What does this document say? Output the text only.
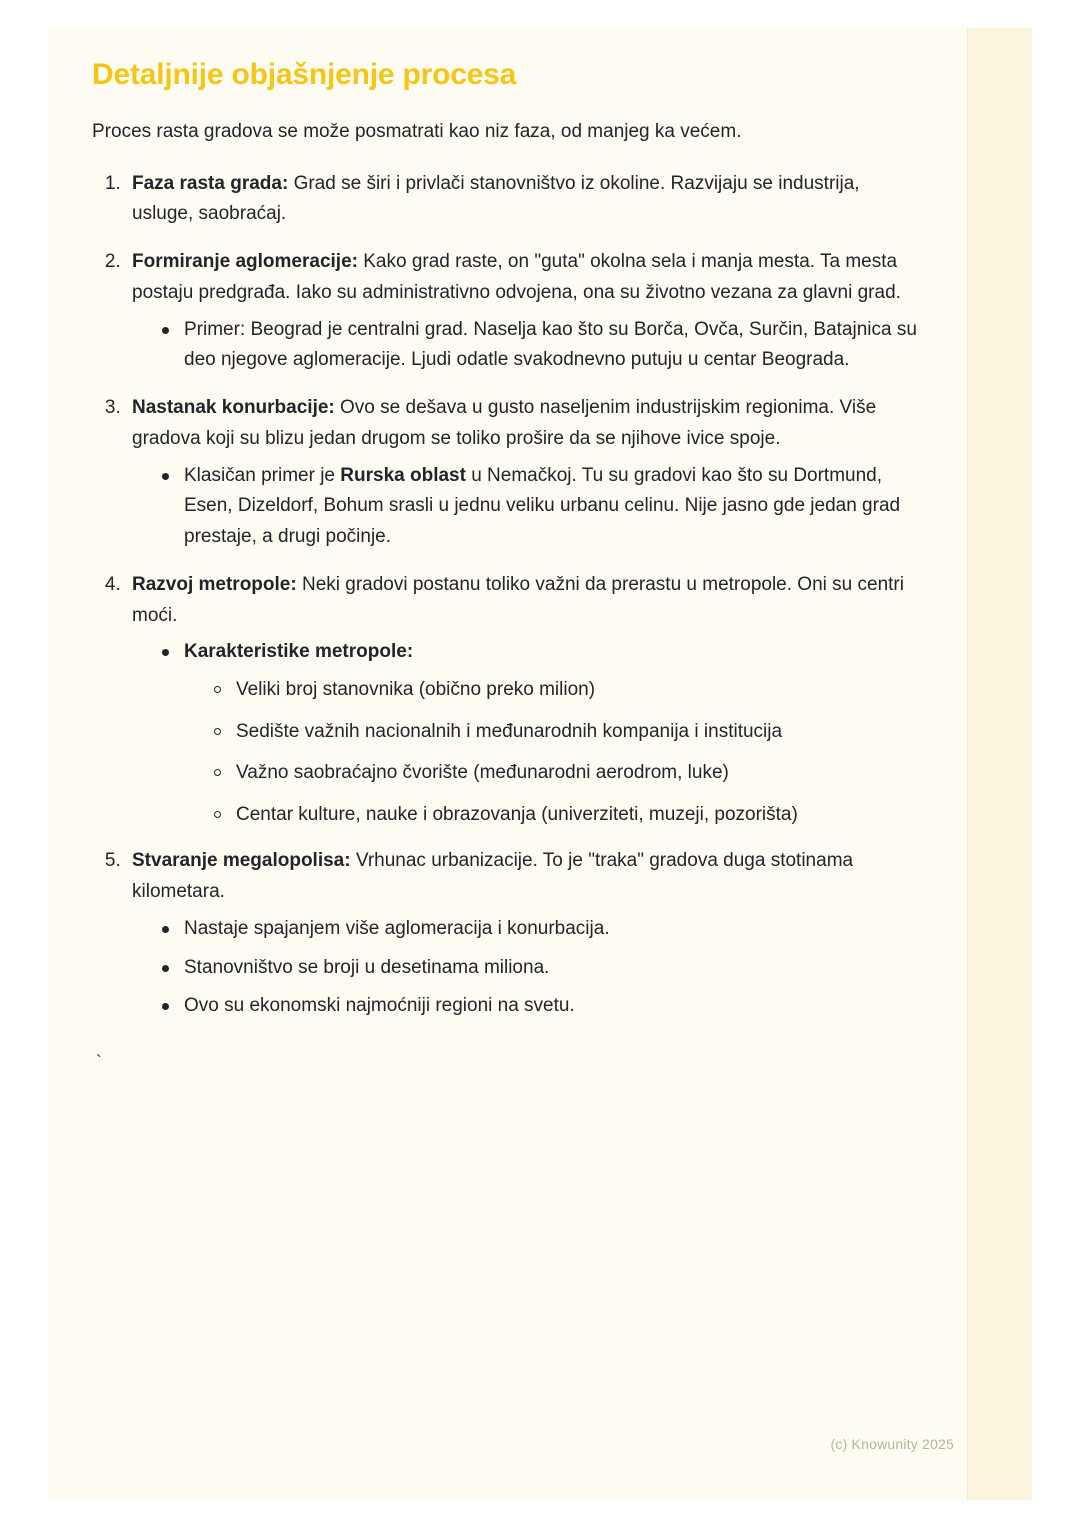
Detaljnije objašnjenje procesa

Proces rasta gradova se može posmatrati kao niz faza, od manjeg ka većem.

1. Faza rasta grada: Grad se širi i privlači stanovništvo iz okoline. Razvijaju se industrija, usluge, saobraćaj.
2. Formiranje aglomeracije: Kako grad raste, on "guta" okolna sela i manja mesta. Ta mesta postaju predgrađa. Iako su administrativno odvojena, ona su životno vezana za glavni grad.
Primer: Beograd je centralni grad. Naselja kao što su Borča, Ovča, Surčin, Batajnica su deo njegove aglomeracije. Ljudi odatle svakodnevno putuju u centar Beograda.
3. Nastanak konurbacije: Ovo se dešava u gusto naseljenim industrijskim regionima. Više gradova koji su blizu jedan drugom se toliko prošire da se njihove ivice spoje.
Klasičan primer je Rurska oblast u Nemačkoj. Tu su gradovi kao što su Dortmund, Esen, Dizeldorf, Bohum srasli u jednu veliku urbanu celinu. Nije jasno gde jedan grad prestaje, a drugi počinje.
4. Razvoj metropole: Neki gradovi postanu toliko važni da prerastu u metropole. Oni su centri moći.
Karakteristike metropole:
Veliki broj stanovnika (obično preko milion)
Sedište važnih nacionalnih i međunarodnih kompanija i institucija
Važno saobraćajno čvorište (međunarodni aerodrom, luke)
Centar kulture, nauke i obrazovanja (univerziteti, muzeji, pozorišta)
5. Stvaranje megalopolisa: Vrhunac urbanizacije. To je "traka" gradova duga stotinama kilometara.
Nastaje spajanjem više aglomeracija i konurbacija.
Stanovništvo se broji u desetinama miliona.
Ovo su ekonomski najmoćniji regioni na svetu.
`
(c) Knowunity 2025
